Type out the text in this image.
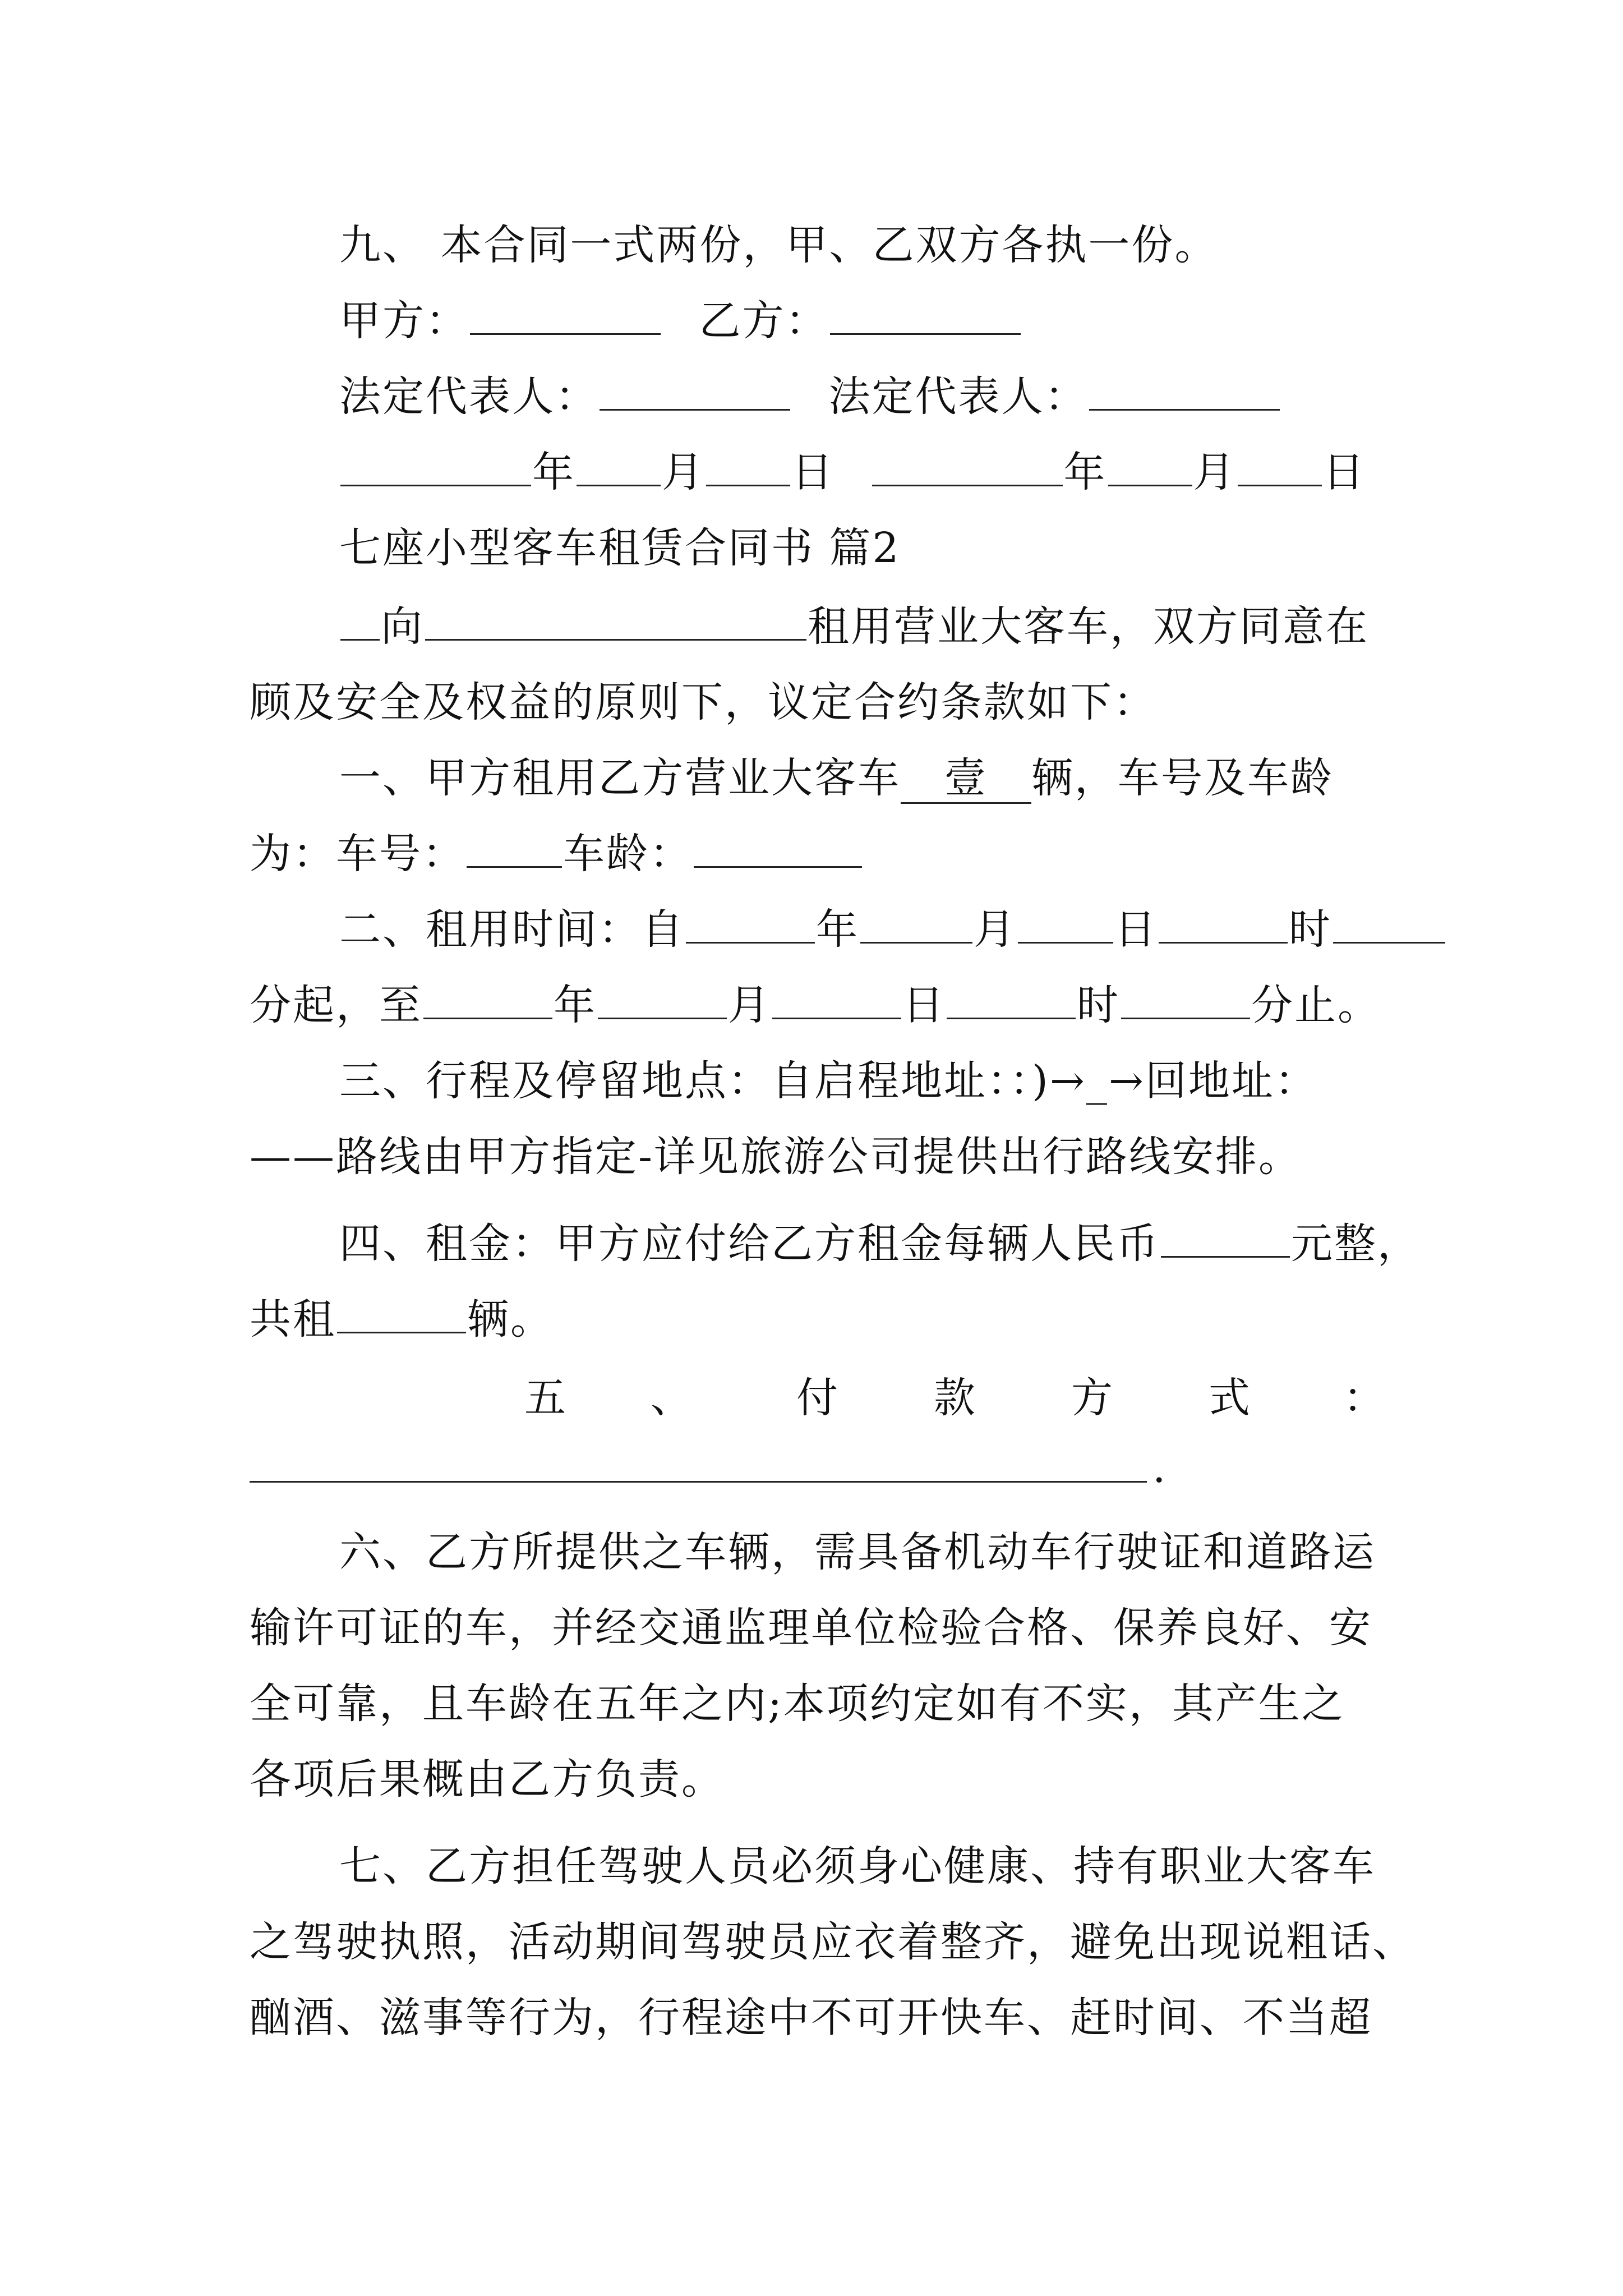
九、 本合同一式两份，甲、乙双方各执一份。
甲方：	乙方：
法定代表人：	法定代表人：
年 月 日	年 月 日
七座小型客车租赁合同书 篇2
向	租用营业大客车，双方同意在
顾及安全及权益的原则下，议定合约条款如下：
一、甲方租用乙方营业大客车 壹 辆，车号及车龄
为：车号： 车龄：
二、租用时间：自	年	月 日	时
分起，至	年	月	日	时	分止。
三、行程及停留地点：自启程地址：：)→_→回地址：
——路线由甲方指定-详见旅游公司提供出行路线安排。
四、租金：甲方应付给乙方租金每辆人民币	元整，
共租	辆。
五 、 付 款 方 式 ：
.
六、乙方所提供之车辆，需具备机动车行驶证和道路运
输许可证的车，并经交通监理单位检验合格、保养良好、安
全可靠，且车龄在五年之内;本项约定如有不实，其产生之
各项后果概由乙方负责。
七、乙方担任驾驶人员必须身心健康、持有职业大客车
之驾驶执照，活动期间驾驶员应衣着整齐，避免出现说粗话、
酗酒、滋事等行为，行程途中不可开快车、赶时间、不当超
